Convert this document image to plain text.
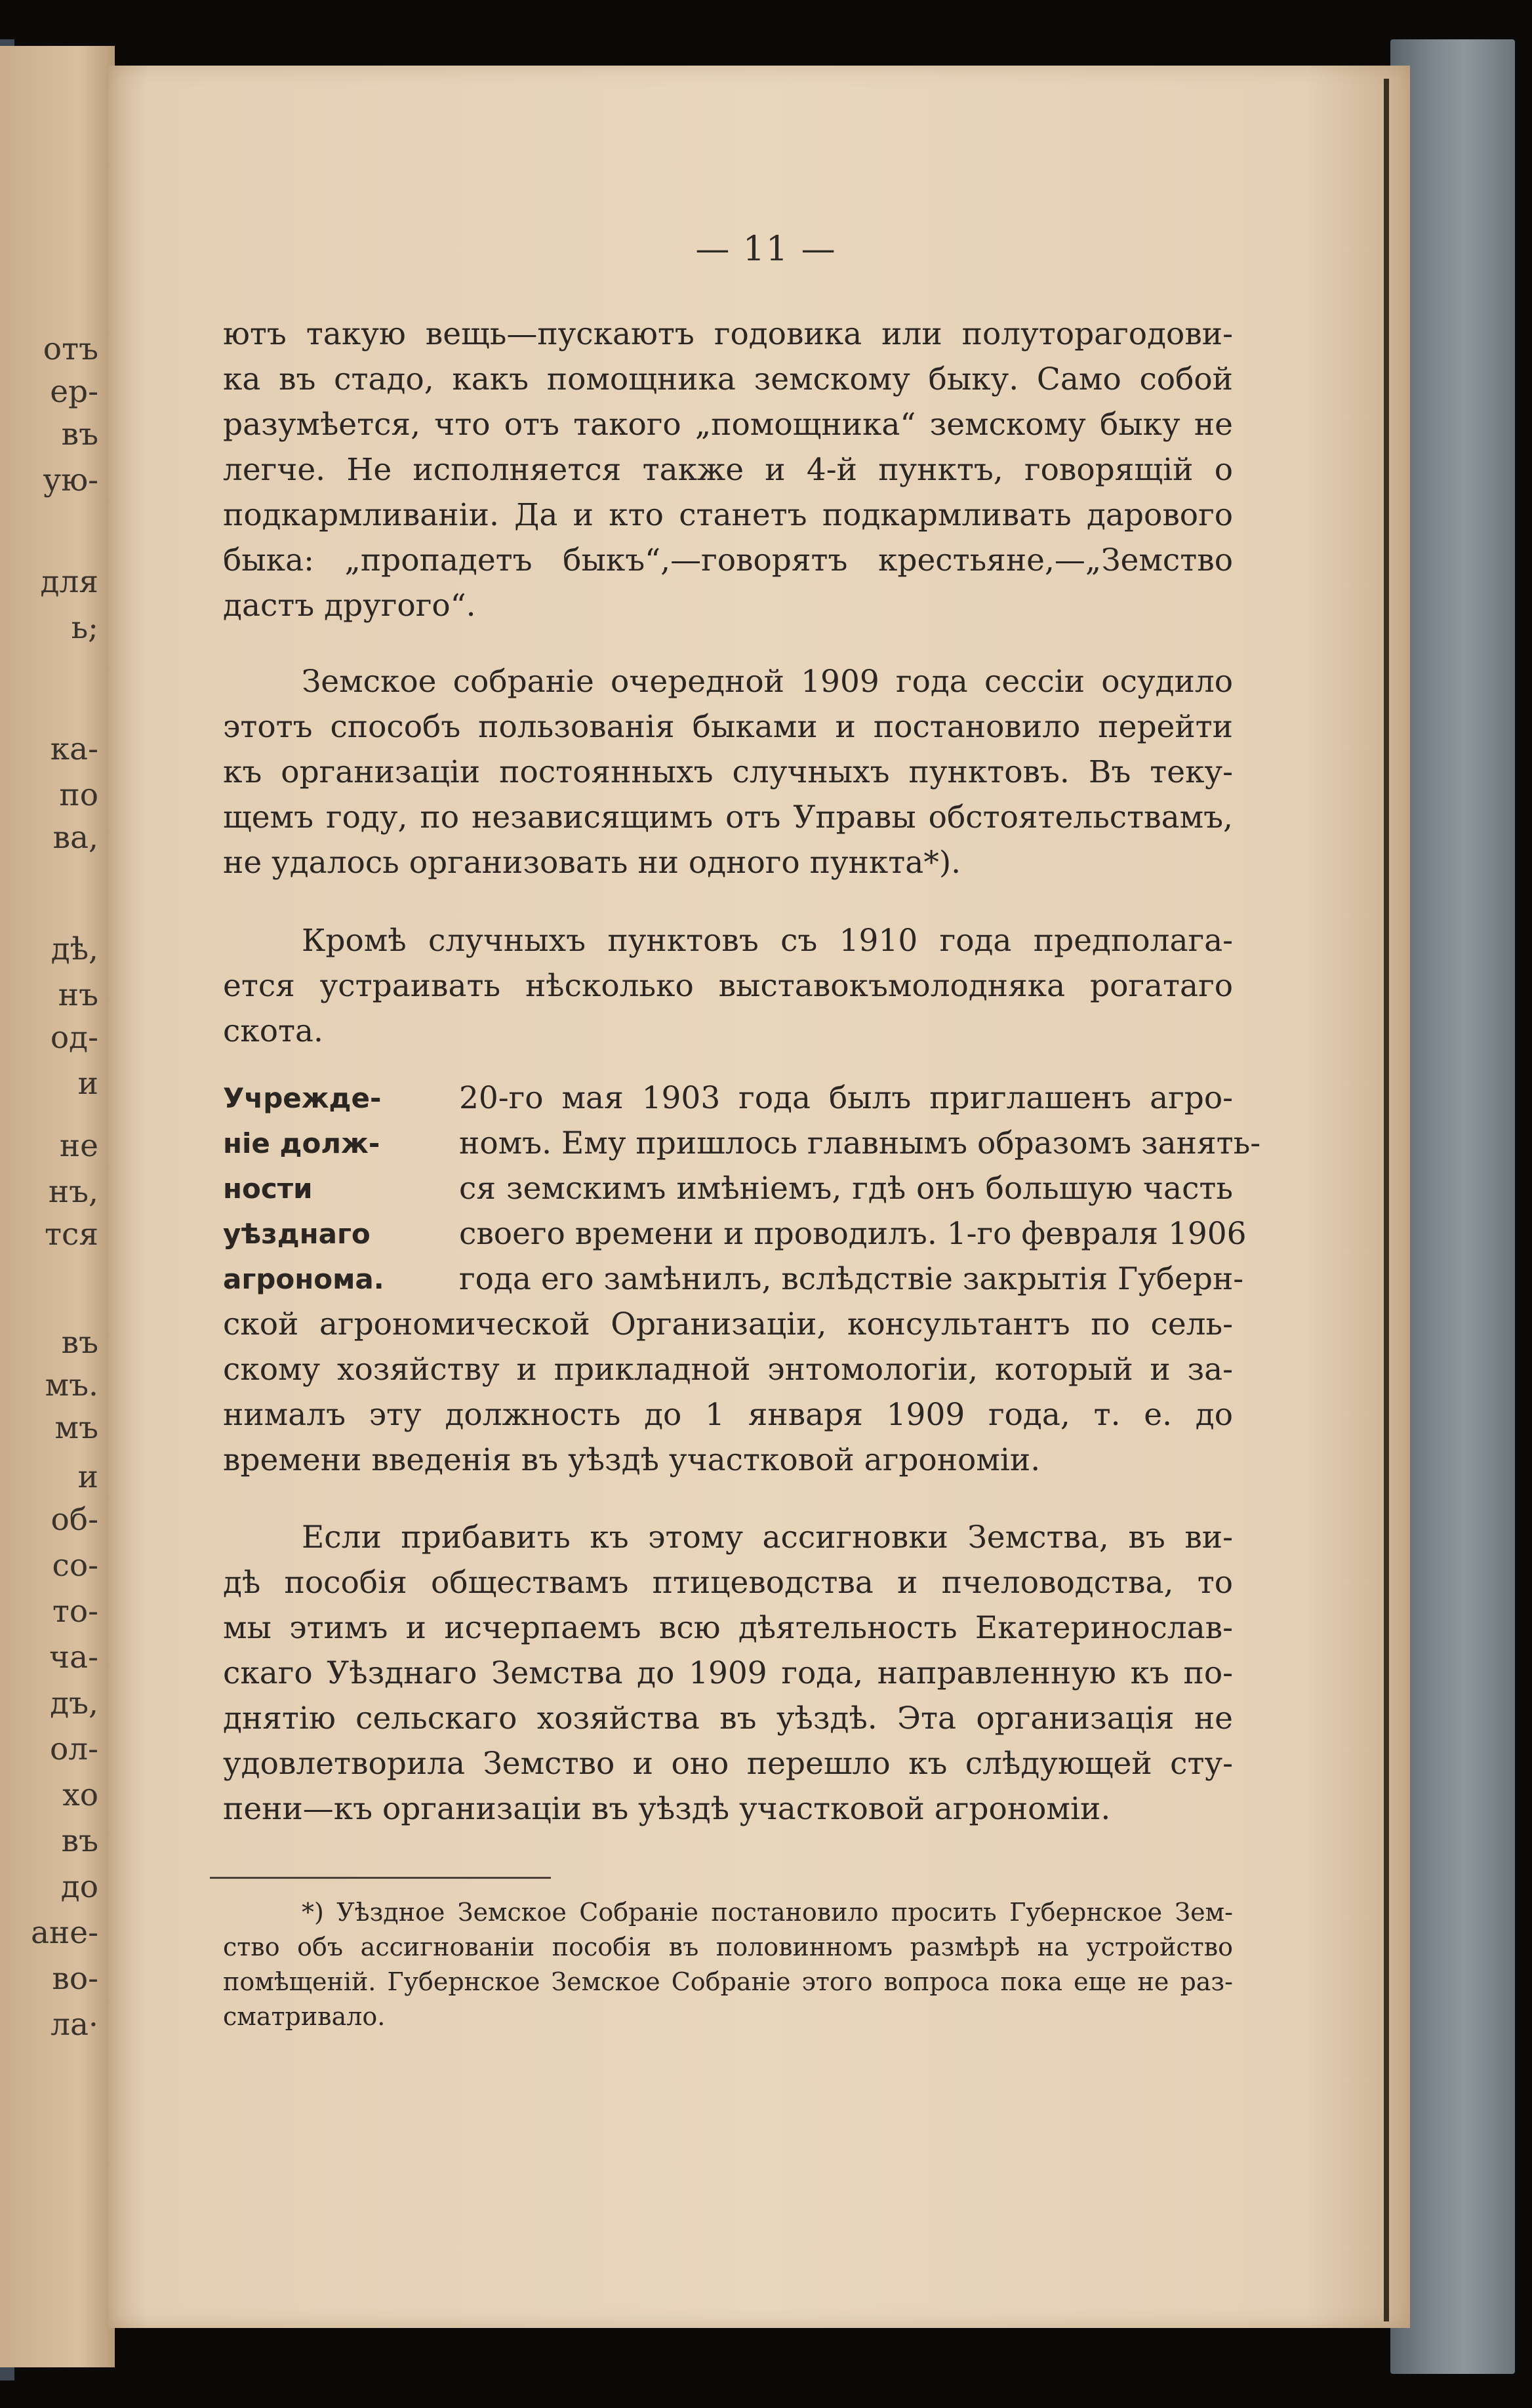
отъ
ер-
въ
ую-
для
ь;
ка-
по
ва,
дѣ,
нъ
од-
и
не
нъ,
тся
въ
мъ.
мъ
и
об-
со-
то-
ча-
дъ,
ол-
хо
въ
до
ане-
во-
ла·
— 11 —
ютъ такую вещь—пускаютъ годовика или полуторагодови-
ка въ стадо, какъ помощника земскому быку. Само собой
разумѣется, что отъ такого „помощника“ земскому быку не
легче. Не исполняется также и 4-й пунктъ, говорящій о
подкармливаніи. Да и кто станетъ подкармливать дарового
быка: „пропадетъ быкъ“,—говорятъ крестьяне,—„Земство
дастъ другого“.
Земское собраніе очередной 1909 года сессіи осудило
этотъ способъ пользованія быками и постановило перейти
къ организаціи постоянныхъ случныхъ пунктовъ. Въ теку-
щемъ году, по независящимъ отъ Управы обстоятельствамъ,
не удалось организовать ни одного пункта*).
Кромѣ случныхъ пунктовъ съ 1910 года предполага-
ется устраивать нѣсколько выставокъмолодняка рогатаго
скота.
Учрежде-
ніе долж-
ности
уѣзднаго
агронома.
20-го мая 1903 года былъ приглашенъ агро-
номъ. Ему пришлось главнымъ образомъ занять-
ся земскимъ имѣніемъ, гдѣ онъ большую часть
своего времени и проводилъ. 1-го февраля 1906
года его замѣнилъ, вслѣдствіе закрытія Губерн-
ской агрономической Организаціи, консультантъ по сель-
скому хозяйству и прикладной энтомологіи, который и за-
нималъ эту должность до 1 января 1909 года, т. е. до
времени введенія въ уѣздѣ участковой агрономіи.
Если прибавить къ этому ассигновки Земства, въ ви-
дѣ пособія обществамъ птицеводства и пчеловодства, то
мы этимъ и исчерпаемъ всю дѣятельность Екатеринослав-
скаго Уѣзднаго Земства до 1909 года, направленную къ по-
днятію сельскаго хозяйства въ уѣздѣ. Эта организація не
удовлетворила Земство и оно перешло къ слѣдующей сту-
пени—къ организаціи въ уѣздѣ участковой агрономіи.
*) Уѣздное Земское Собраніе постановило просить Губернское Зем-
ство объ ассигнованіи пособія въ половинномъ размѣрѣ на устройство
помѣщеній. Губернское Земское Собраніе этого вопроса пока еще не раз-
сматривало.
